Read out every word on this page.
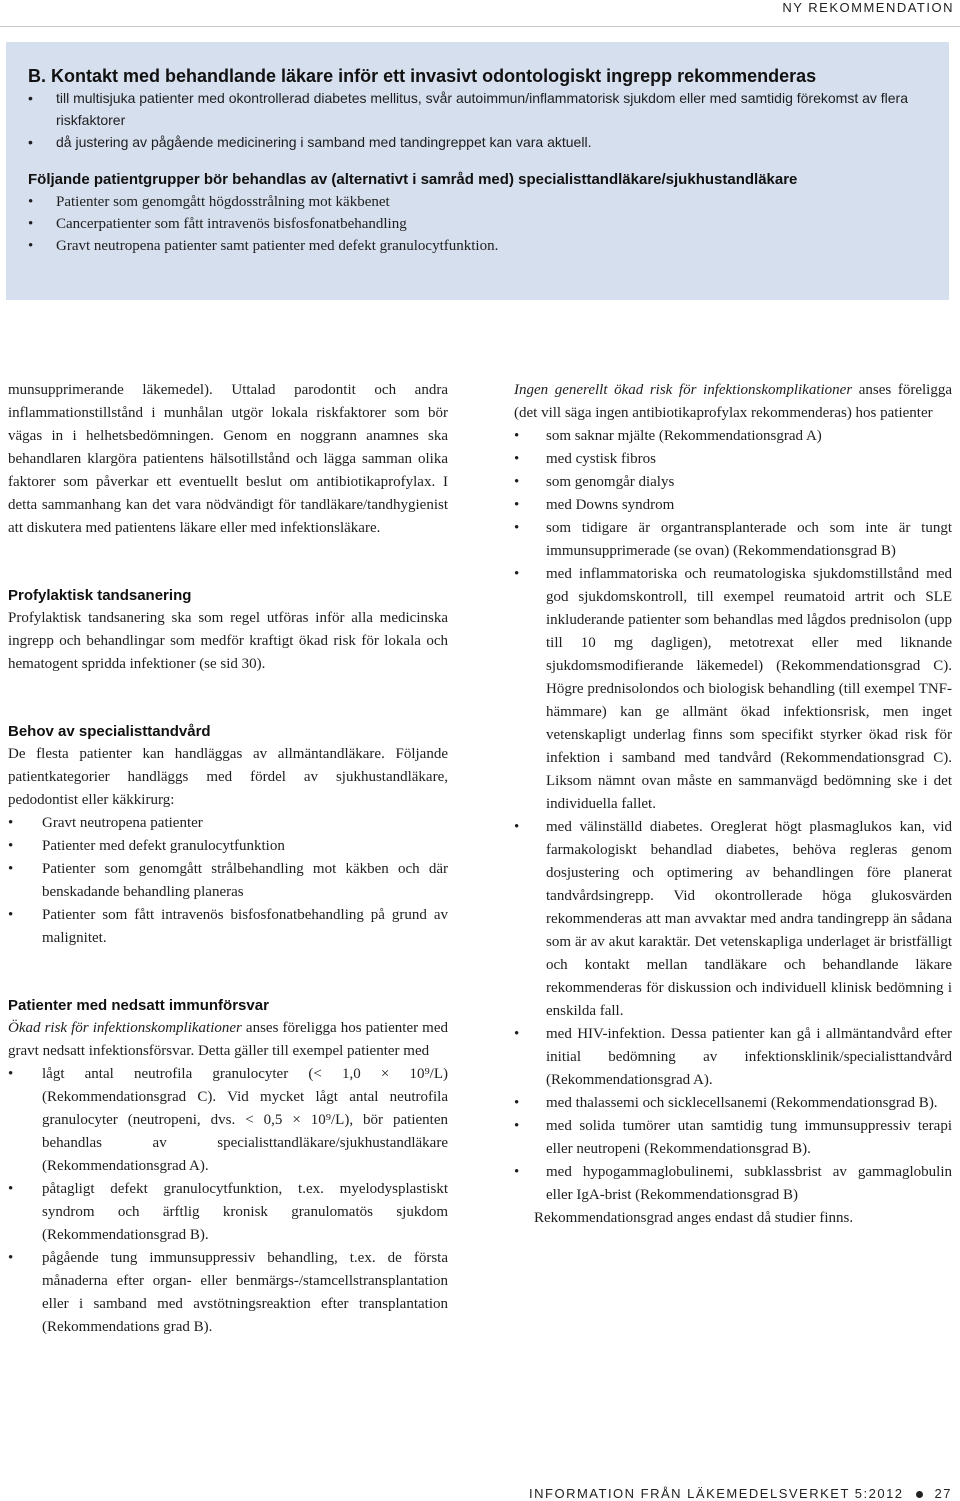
NY REKOMMENDATION
B. Kontakt med behandlande läkare inför ett invasivt odontologiskt ingrepp rekommenderas
• till multisjuka patienter med okontrollerad diabetes mellitus, svår autoimmun/inflammatorisk sjukdom eller med samtidig förekomst av flera riskfaktorer
• då justering av pågående medicinering i samband med tandingreppet kan vara aktuell.
Följande patientgrupper bör behandlas av (alternativt i samråd med) specialisttandläkare/sjukhustandläkare
• Patienter som genomgått högdosstrålning mot käkbenet
• Cancerpatienter som fått intravenös bisfosfonatbehandling
• Gravt neutropena patienter samt patienter med defekt granulocytfunktion.

munsupprimerande läkemedel). Uttalad parodontit och andra inflammationstillstånd i munhålan utgör lokala riskfaktorer som bör vägas in i helhetsbedömningen. Genom en noggrann anamnes ska behandlaren klargöra patientens hälsotillstånd och lägga samman olika faktorer som påverkar ett eventuellt beslut om antibiotikaprofylax. I detta sammanhang kan det vara nödvändigt för tandläkare/tandhygienist att diskutera med patientens läkare eller med infektionsläkare.

Profylaktisk tandsanering

Profylaktisk tandsanering ska som regel utföras inför alla medicinska ingrepp och behandlingar som medför kraftigt ökad risk för lokala och hematogent spridda infektioner (se sid 30).

Behov av specialisttandvård

De flesta patienter kan handläggas av allmäntandläkare. Följande patientkategorier handläggs med fördel av sjukhustandläkare, pedodontist eller käkkirurg:

• Gravt neutropena patienter
• Patienter med defekt granulocytfunktion
• Patienter som genomgått strålbehandling mot käkben och där benskadande behandling planeras
• Patienter som fått intravenös bisfosfonatbehandling på grund av malignitet.
Patienter med nedsatt immunförsvar

Ökad risk för infektionskomplikationer anses föreligga hos patienter med gravt nedsatt infektionsförsvar. Detta gäller till exempel patienter med

• lågt antal neutrofila granulocyter (< 1,0 × 10⁹/L) (Rekommendationsgrad C). Vid mycket lågt antal neutrofila granulocyter (neutropeni, dvs. < 0,5 × 10⁹/L), bör patienten behandlas av specialisttandläkare/sjukhustandläkare (Rekommendationsgrad A).
• påtagligt defekt granulocytfunktion, t.ex. myelodysplastiskt syndrom och ärftlig kronisk granulomatös sjukdom (Rekommendationsgrad B).
• pågående tung immunsuppressiv behandling, t.ex. de första månaderna efter organ- eller benmärgs-/stamcellstransplantation eller i samband med avstötningsreaktion efter transplantation (Rekommendations grad B).

Ingen generellt ökad risk för infektionskomplikationer anses föreligga (det vill säga ingen antibiotikaprofylax rekommenderas) hos patienter

• som saknar mjälte (Rekommendationsgrad A)
• med cystisk fibros
• som genomgår dialys
• med Downs syndrom
• som tidigare är organtransplanterade och som inte är tungt immunsupprimerade (se ovan) (Rekommendationsgrad B)
• med inflammatoriska och reumatologiska sjukdomstillstånd med god sjukdomskontroll, till exempel reumatoid artrit och SLE inkluderande patienter som behandlas med lågdos prednisolon (upp till 10 mg dagligen), metotrexat eller med liknande sjukdomsmodifierande läkemedel) (Rekommendationsgrad C). Högre prednisolondos och biologisk behandling (till exempel TNF-hämmare) kan ge allmänt ökad infektionsrisk, men inget vetenskapligt underlag finns som specifikt styrker ökad risk för infektion i samband med tandvård (Rekommendationsgrad C). Liksom nämnt ovan måste en sammanvägd bedömning ske i det individuella fallet.
• med välinställd diabetes. Oreglerat högt plasmaglukos kan, vid farmakologiskt behandlad diabetes, behöva regleras genom dosjustering och optimering av behandlingen före planerat tandvårdsingrepp. Vid okontrollerade höga glukosvärden rekommenderas att man avvaktar med andra tandingrepp än sådana som är av akut karaktär. Det vetenskapliga underlaget är bristfälligt och kontakt mellan tandläkare och behandlande läkare rekommenderas för diskussion och individuell klinisk bedömning i enskilda fall.
• med HIV-infektion. Dessa patienter kan gå i allmäntandvård efter initial bedömning av infektionsklinik/specialisttandvård (Rekommendationsgrad A).
• med thalassemi och sicklecellsanemi (Rekommendationsgrad B).
• med solida tumörer utan samtidig tung immunsuppressiv terapi eller neutropeni (Rekommendationsgrad B).
• med hypogammaglobulinemi, subklassbrist av gammaglobulin eller IgA-brist (Rekommendationsgrad B)

Rekommendationsgrad anges endast då studier finns.

INFORMATION FRÅN LÄKEMEDELSVERKET 5:2012 27
